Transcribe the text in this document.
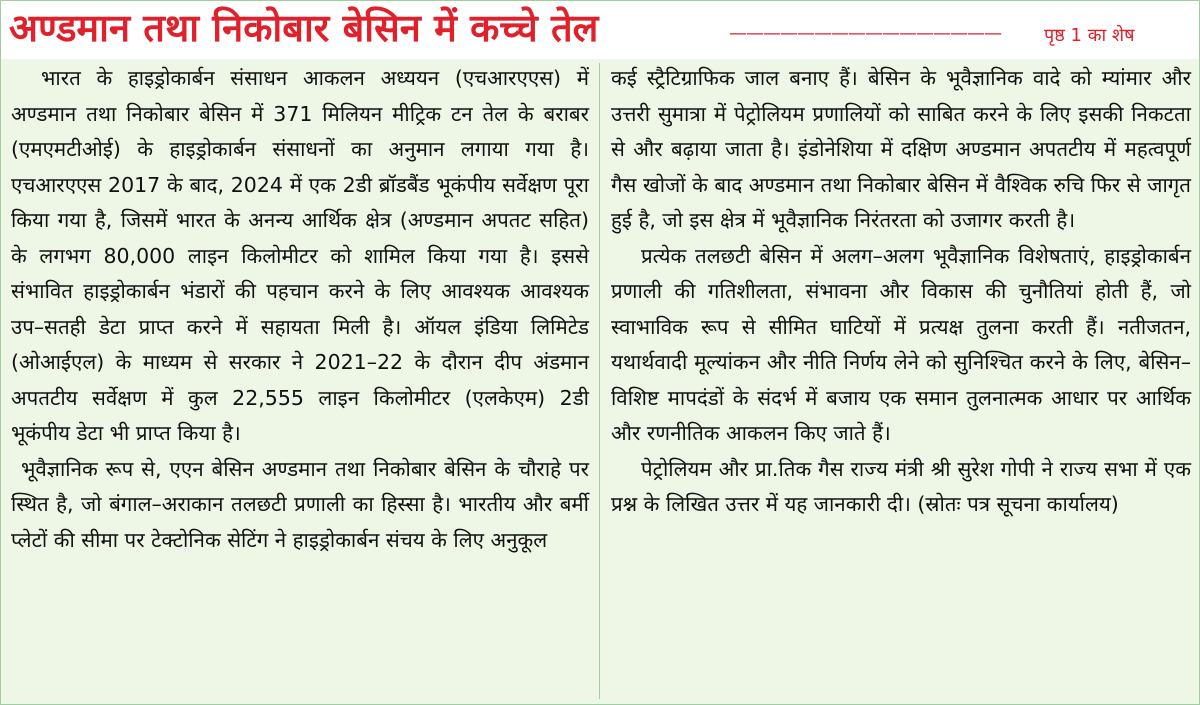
अण्डमान तथा निकोबार बेसिन में कच्चे तेल	———————————————— पृष्ठ 1 का शेष

भारत के हाइड्रोकार्बन संसाधन आकलन अध्ययन (एचआरएएस) में अण्डमान तथा निकोबार बेसिन में 371 मिलियन मीट्रिक टन तेल के बराबर (एमएमटीओई) के हाइड्रोकार्बन संसाधनों का अनुमान लगाया गया है। एचआरएएस 2017 के बाद, 2024 में एक 2डी ब्रॉडबैंड भूकंपीय सर्वेक्षण पूरा किया गया है, जिसमें भारत के अनन्य आर्थिक क्षेत्र (अण्डमान अपतट सहित) के लगभग 80,000 लाइन किलोमीटर को शामिल किया गया है। इससे संभावित हाइड्रोकार्बन भंडारों की पहचान करने के लिए आवश्यक आवश्यक उप–सतही डेटा प्राप्त करने में सहायता मिली है। ऑयल इंडिया लिमिटेड (ओआईएल) के माध्यम से सरकार ने 2021–22 के दौरान दीप अंडमान अपतटीय सर्वेक्षण में कुल 22,555 लाइन किलोमीटर (एलकेएम) 2डी भूकंपीय डेटा भी प्राप्त किया है।

भूवैज्ञानिक रूप से, एएन बेसिन अण्डमान तथा निकोबार बेसिन के चौराहे पर स्थित है, जो बंगाल–अराकान तलछटी प्रणाली का हिस्सा है। भारतीय और बर्मी प्लेटों की सीमा पर टेक्टोनिक सेटिंग ने हाइड्रोकार्बन संचय के लिए अनुकूल

कई स्ट्रैटिग्राफिक जाल बनाए हैं। बेसिन के भूवैज्ञानिक वादे को म्यांमार और उत्तरी सुमात्रा में पेट्रोलियम प्रणालियों को साबित करने के लिए इसकी निकटता से और बढ़ाया जाता है। इंडोनेशिया में दक्षिण अण्डमान अपतटीय में महत्वपूर्ण गैस खोजों के बाद अण्डमान तथा निकोबार बेसिन में वैश्विक रुचि फिर से जागृत हुई है, जो इस क्षेत्र में भूवैज्ञानिक निरंतरता को उजागर करती है।

प्रत्येक तलछटी बेसिन में अलग–अलग भूवैज्ञानिक विशेषताएं, हाइड्रोकार्बन प्रणाली की गतिशीलता, संभावना और विकास की चुनौतियां होती हैं, जो स्वाभाविक रूप से सीमित घाटियों में प्रत्यक्ष तुलना करती हैं। नतीजतन, यथार्थवादी मूल्यांकन और नीति निर्णय लेने को सुनिश्चित करने के लिए, बेसिन–विशिष्ट मापदंडों के संदर्भ में बजाय एक समान तुलनात्मक आधार पर आर्थिक और रणनीतिक आकलन किए जाते हैं।

पेट्रोलियम और प्रा.तिक गैस राज्य मंत्री श्री सुरेश गोपी ने राज्य सभा में एक प्रश्न के लिखित उत्तर में यह जानकारी दी। (स्रोतः पत्र सूचना कार्यालय)
